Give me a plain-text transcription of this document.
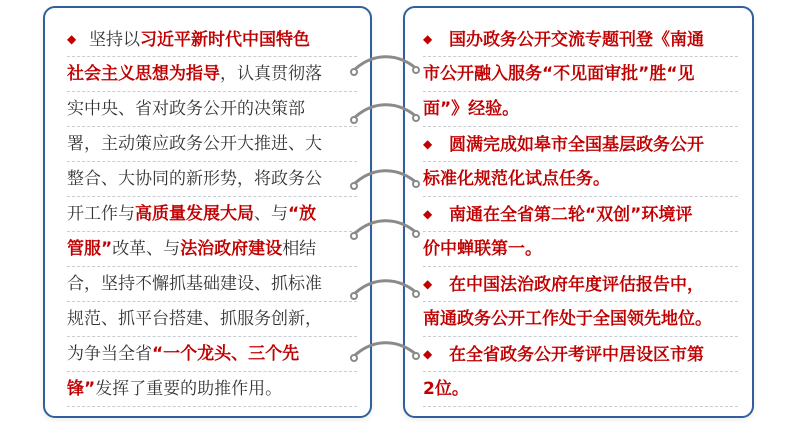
◆ 坚持以习近平新时代中国特色
社会主义思想为指导，认真贯彻落
实中央、省对政务公开的决策部
署，主动策应政务公开大推进、大
整合、大协同的新形势，将政务公
开工作与高质量发展大局、与“放
管服”改革、与法治政府建设相结
合，坚持不懈抓基础建设、抓标准
规范、抓平台搭建、抓服务创新，
为争当全省“一个龙头、三个先
锋”发挥了重要的助推作用。
◆ 国办政务公开交流专题刊登《南通
市公开融入服务“不见面审批”胜“见
面”》经验。
◆ 圆满完成如皋市全国基层政务公开
标准化规范化试点任务。
◆ 南通在全省第二轮“双创”环境评
价中蝉联第一。
◆ 在中国法治政府年度评估报告中，
南通政务公开工作处于全国领先地位。
◆ 在全省政务公开考评中居设区市第
2位。
